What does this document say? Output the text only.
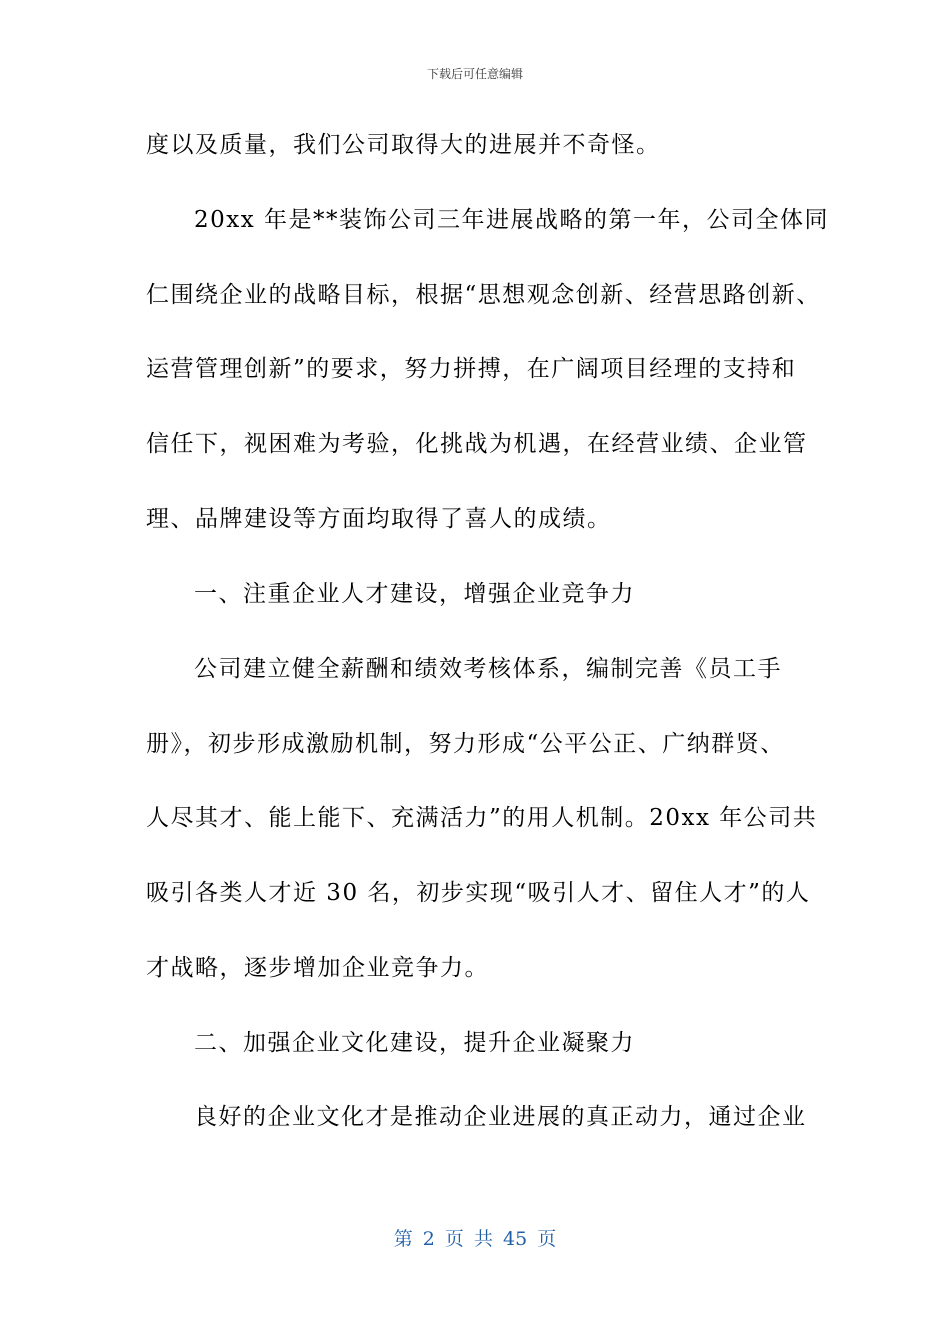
下载后可任意编辑
度以及质量，我们公司取得大的进展并不奇怪。
20xx 年是**装饰公司三年进展战略的第一年，公司全体同
仁围绕企业的战略目标，根据“思想观念创新、经营思路创新、
运营管理创新”的要求，努力拼搏，在广阔项目经理的支持和
信任下，视困难为考验，化挑战为机遇，在经营业绩、企业管
理、品牌建设等方面均取得了喜人的成绩。
一、注重企业人才建设，增强企业竞争力
公司建立健全薪酬和绩效考核体系，编制完善《员工手
册》，初步形成激励机制，努力形成“公平公正、广纳群贤、
人尽其才、能上能下、充满活力”的用人机制。20xx 年公司共
吸引各类人才近 30 名，初步实现“吸引人才、留住人才”的人
才战略，逐步增加企业竞争力。
二、加强企业文化建设，提升企业凝聚力
良好的企业文化才是推动企业进展的真正动力，通过企业
第 2 页 共 45 页
